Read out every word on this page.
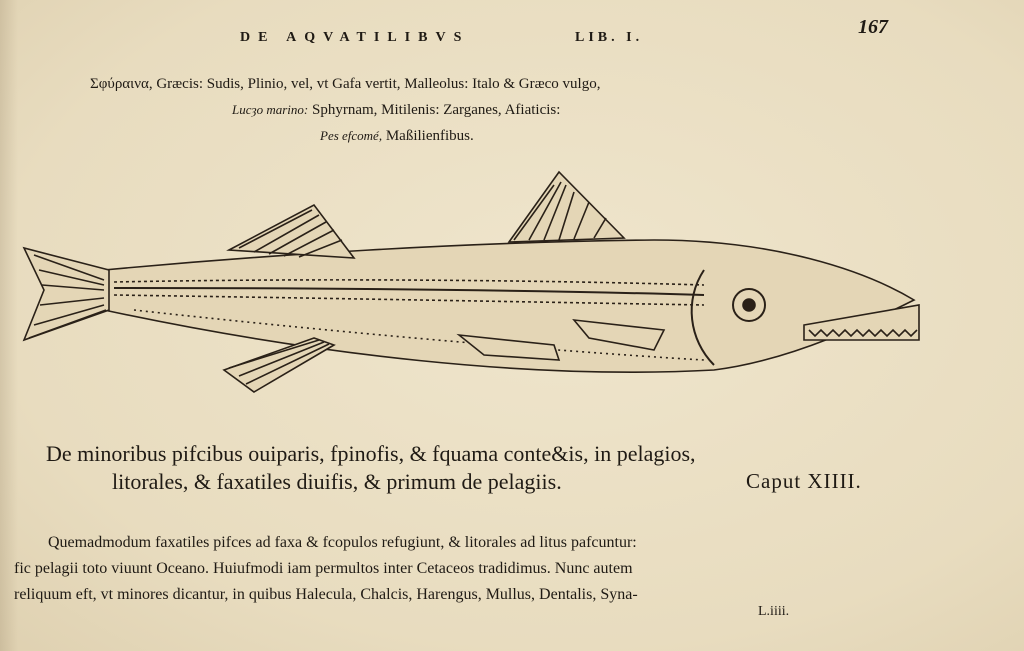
DE AQVATILIBVS	LIB. I.	167
Σφύραινα, Græcis: Sudis, Plinio, vel, vt Gafa vertit, Malleolus: Italo & Græco vulgo,
Lucȝo marino: Sphyrnam, Mitilenis: Zarganes, Afiaticis:
Pes efcomé, Maßilienfibus.
De minoribus pifcibus ouiparis, fpinofis, & fquama conte&is, in pelagios,
litorales, & faxatiles diuifis, & primum de pelagiis.	Caput XIIII.
Quemadmodum faxatiles pifces ad faxa & fcopulos refugiunt, & litorales ad litus pafcuntur:
fic pelagii toto viuunt Oceano. Huiufmodi iam permultos inter Cetaceos tradidimus. Nunc autem
reliquum eft, vt minores dicantur, in quibus Halecula, Chalcis, Harengus, Mullus, Dentalis, Syna-
L.iiii.
